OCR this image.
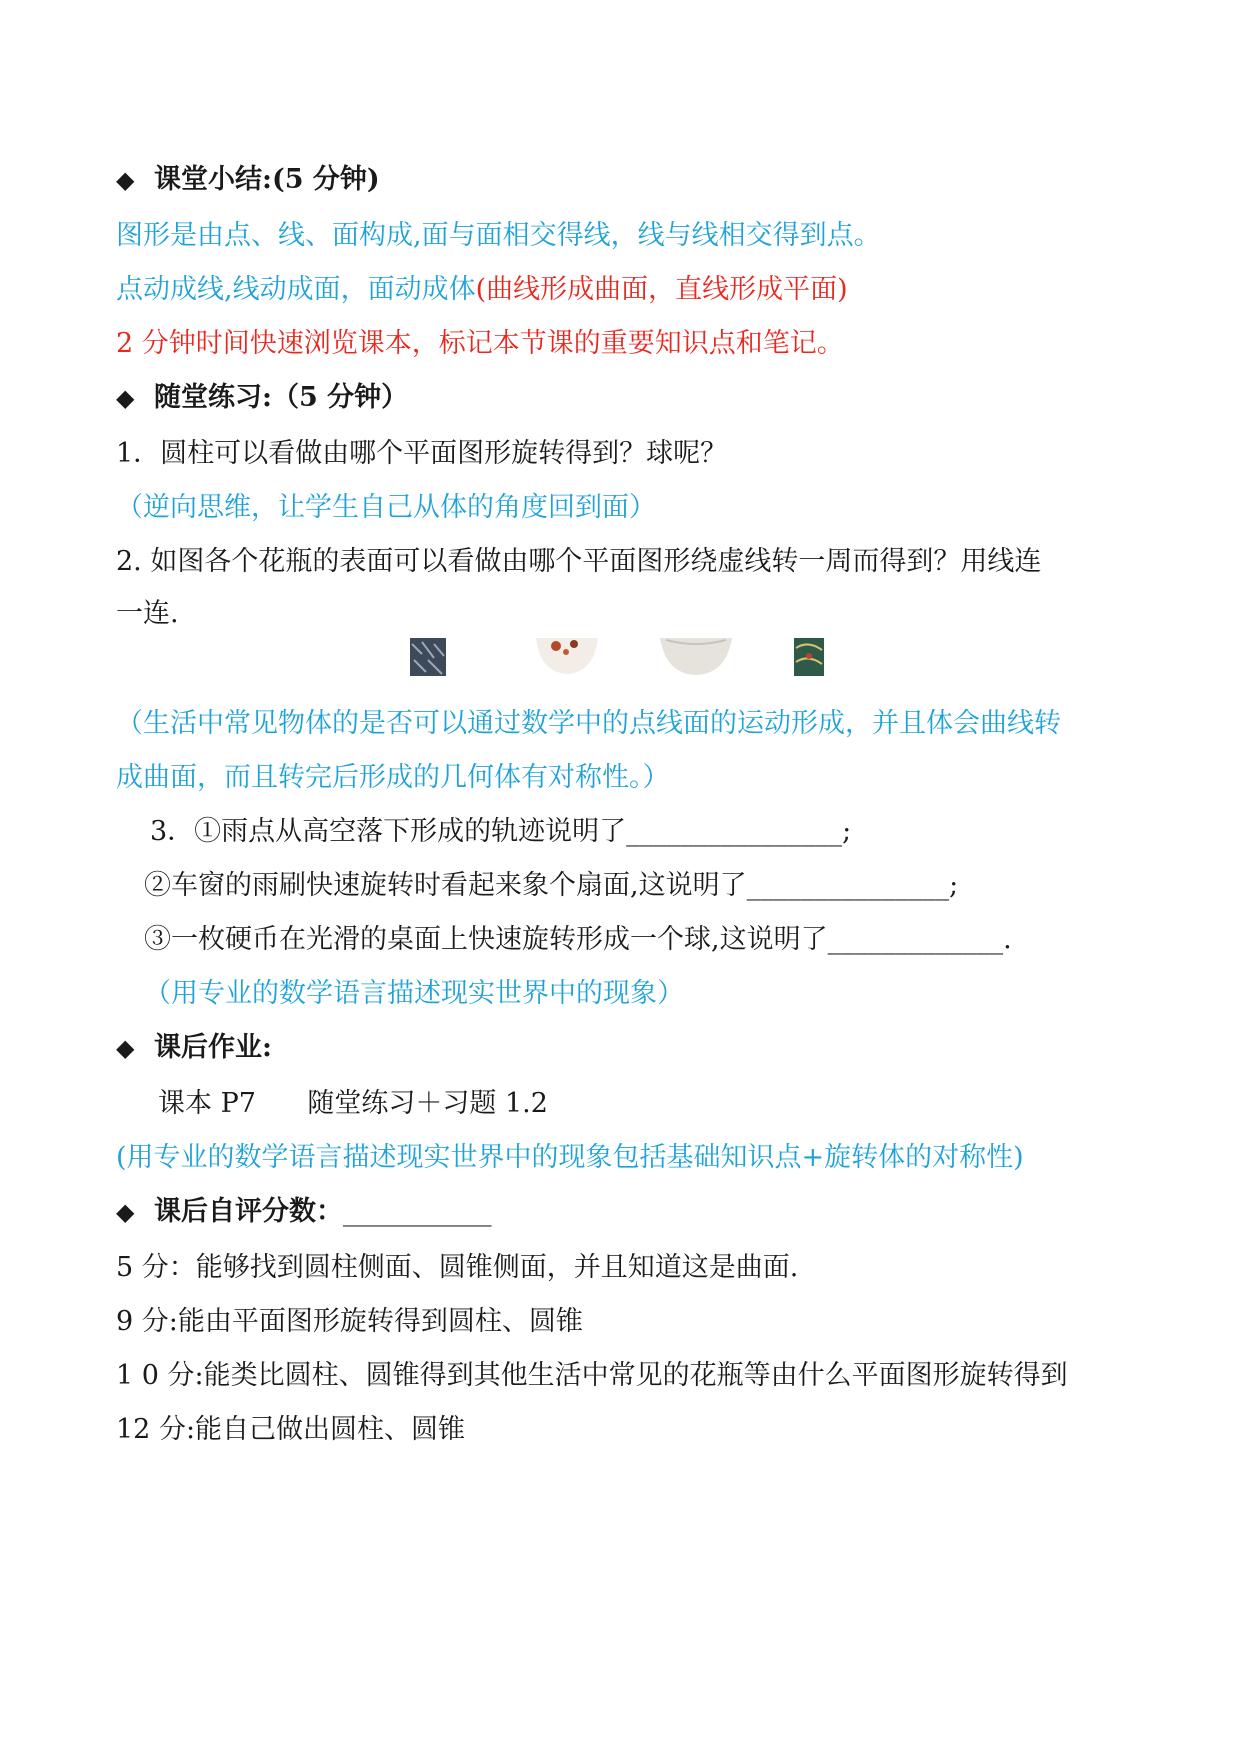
◆ 课堂小结:(5 分钟)
图形是由点、线、面构成,面与面相交得线，线与线相交得到点。
点动成线,线动成面，面动成体(曲线形成曲面，直线形成平面)
2 分钟时间快速浏览课本，标记本节课的重要知识点和笔记。
◆ 随堂练习:（5 分钟）
1．圆柱可以看做由哪个平面图形旋转得到？球呢？
（逆向思维，让学生自己从体的角度回到面）
2. 如图各个花瓶的表面可以看做由哪个平面图形绕虚线转一周而得到？用线连
一连.
（生活中常见物体的是否可以通过数学中的点线面的运动形成，并且体会曲线转
成曲面，而且转完后形成的几何体有对称性。）
3．①雨点从高空落下形成的轨迹说明了________________;
②车窗的雨刷快速旋转时看起来象个扇面,这说明了_______________;
③一枚硬币在光滑的桌面上快速旋转形成一个球,这说明了_____________.
（用专业的数学语言描述现实世界中的现象）
◆ 课后作业:
课本 P7      随堂练习＋习题 1.2
(用专业的数学语言描述现实世界中的现象包括基础知识点+旋转体的对称性)
◆ 课后自评分数：___________
5 分：能够找到圆柱侧面、圆锥侧面，并且知道这是曲面.
9 分:能由平面图形旋转得到圆柱、圆锥
1 0 分:能类比圆柱、圆锥得到其他生活中常见的花瓶等由什么平面图形旋转得到
12 分:能自己做出圆柱、圆锥
